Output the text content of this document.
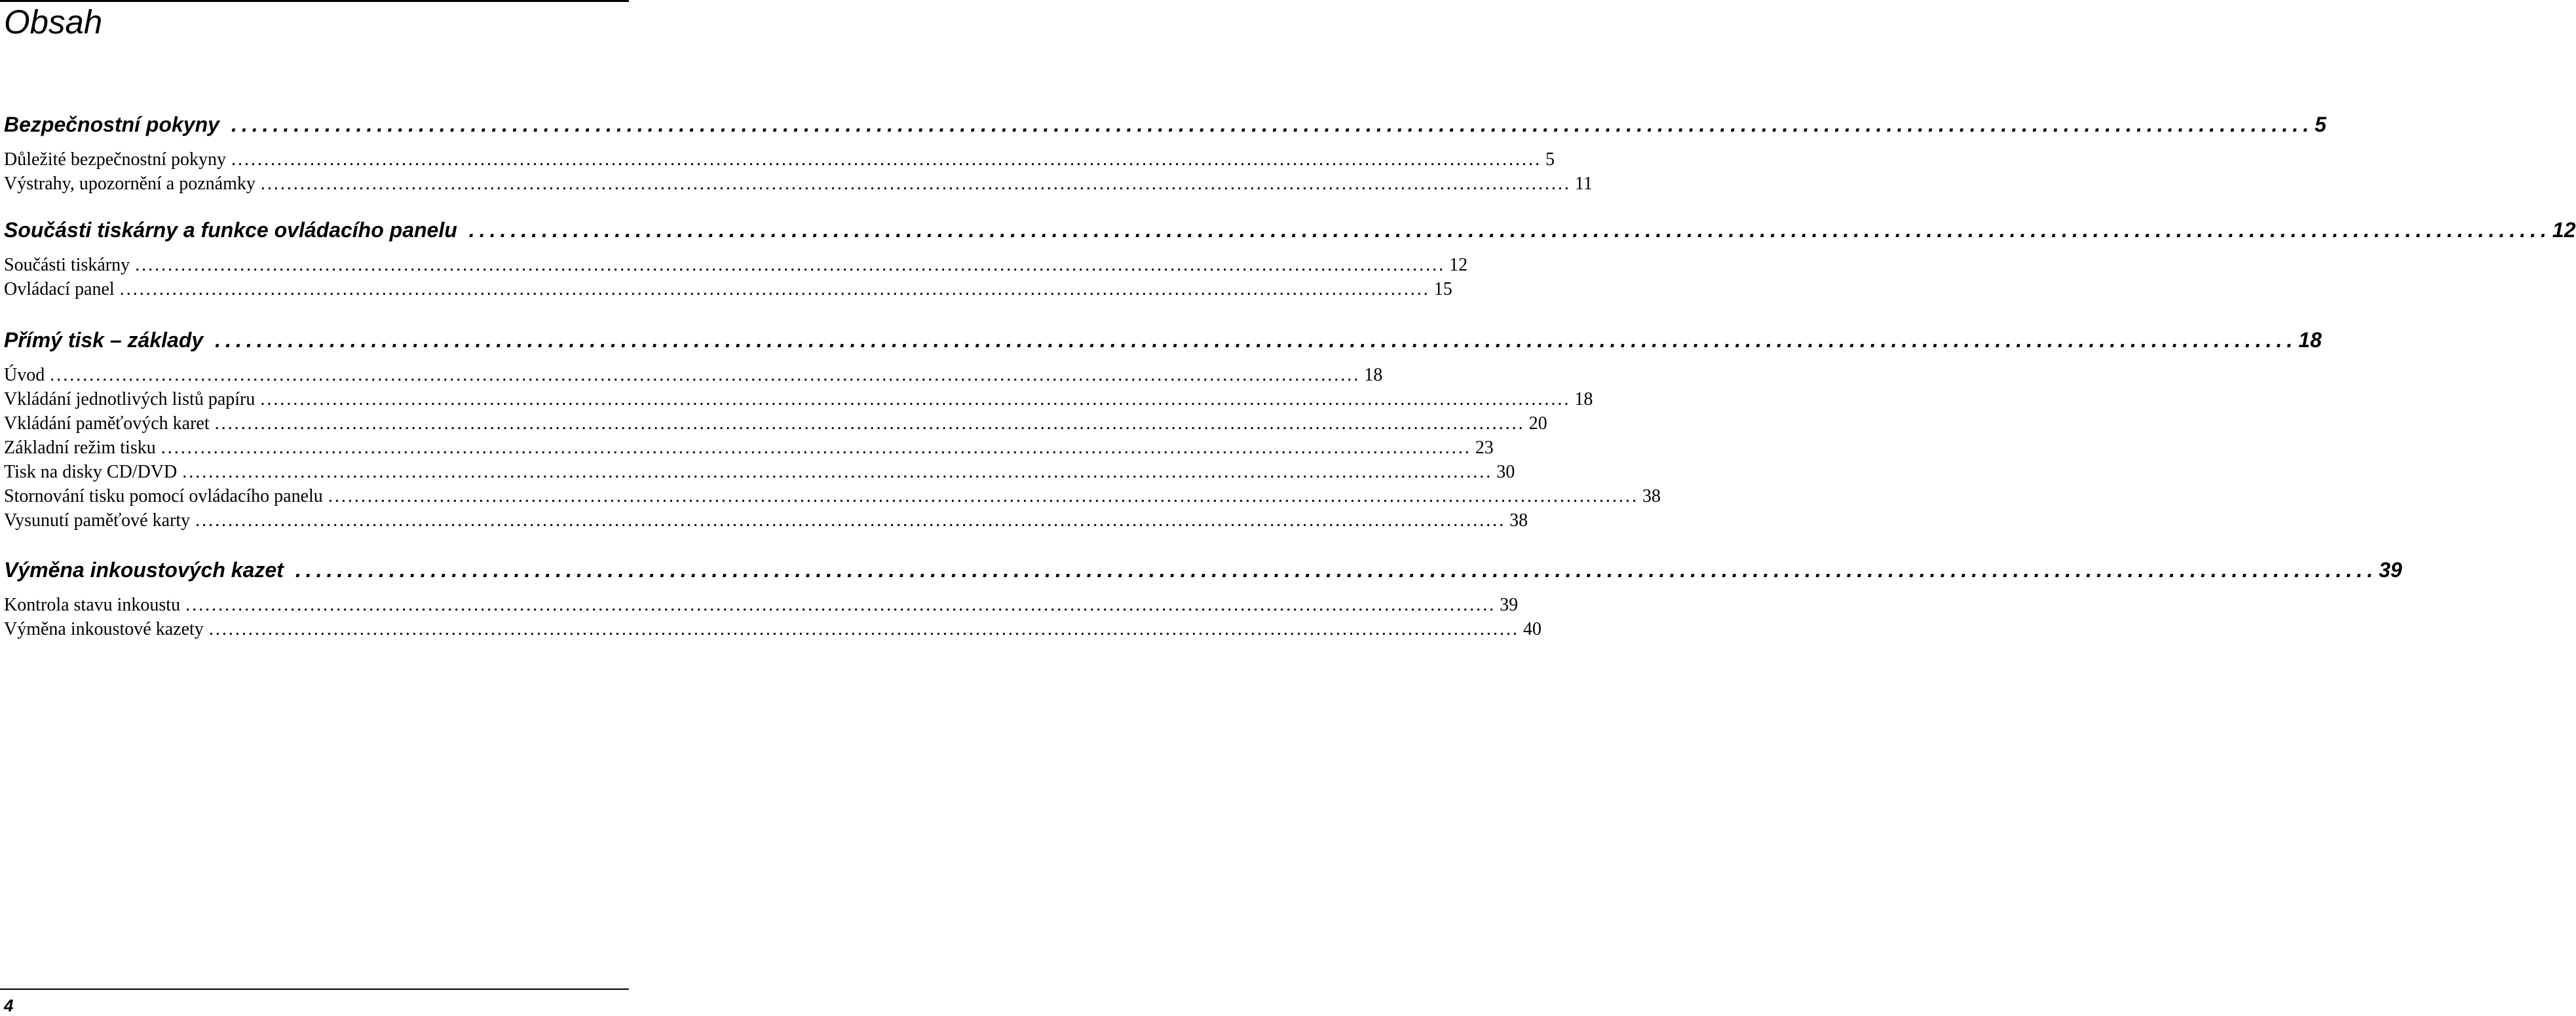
Obsah
Bezpečnostní pokyny ........................................................................................................................................................................................................ 5
Důležité bezpečnostní pokyny ........................................................................................................................................................................................................ 5
Výstrahy, upozornění a poznámky ........................................................................................................................................................................................................ 11
Součásti tiskárny a funkce ovládacího panelu ........................................................................................................................................................................................................ 12
Součásti tiskárny ........................................................................................................................................................................................................ 12
Ovládací panel ........................................................................................................................................................................................................ 15
Přímý tisk – základy ........................................................................................................................................................................................................ 18
Úvod ........................................................................................................................................................................................................ 18
Vkládání jednotlivých listů papíru ........................................................................................................................................................................................................ 18
Vkládání paměťových karet ........................................................................................................................................................................................................ 20
Základní režim tisku ........................................................................................................................................................................................................ 23
Tisk na disky CD/DVD ........................................................................................................................................................................................................ 30
Stornování tisku pomocí ovládacího panelu ........................................................................................................................................................................................................ 38
Vysunutí paměťové karty ........................................................................................................................................................................................................ 38
Výměna inkoustových kazet ........................................................................................................................................................................................................ 39
Kontrola stavu inkoustu ........................................................................................................................................................................................................ 39
Výměna inkoustové kazety ........................................................................................................................................................................................................ 40
4
